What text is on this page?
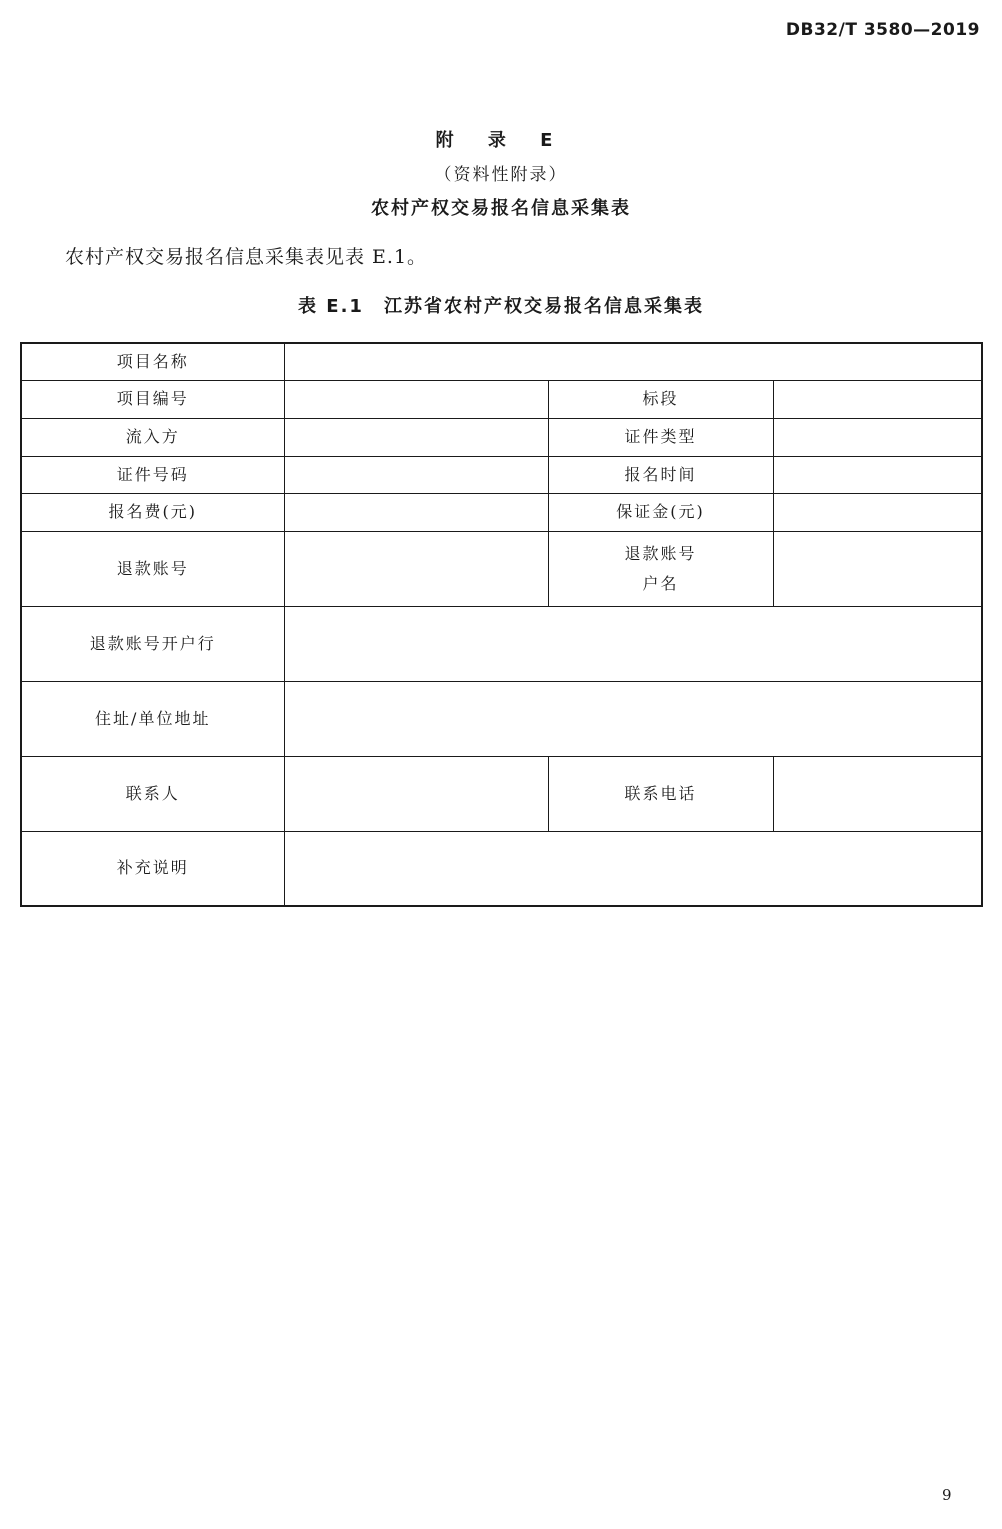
DB32/T 3580—2019
附 录 E
（资料性附录）
农村产权交易报名信息采集表
农村产权交易报名信息采集表见表 E.1。
表 E.1　江苏省农村产权交易报名信息采集表
项目名称			
项目编号		标段	
流入方		证件类型	
证件号码		报名时间	
报名费(元)		保证金(元)	
退款账号		退款账号
户名	

退款账号开户行			
住址/单位地址			
联系人		联系电话	
补充说明			
9
